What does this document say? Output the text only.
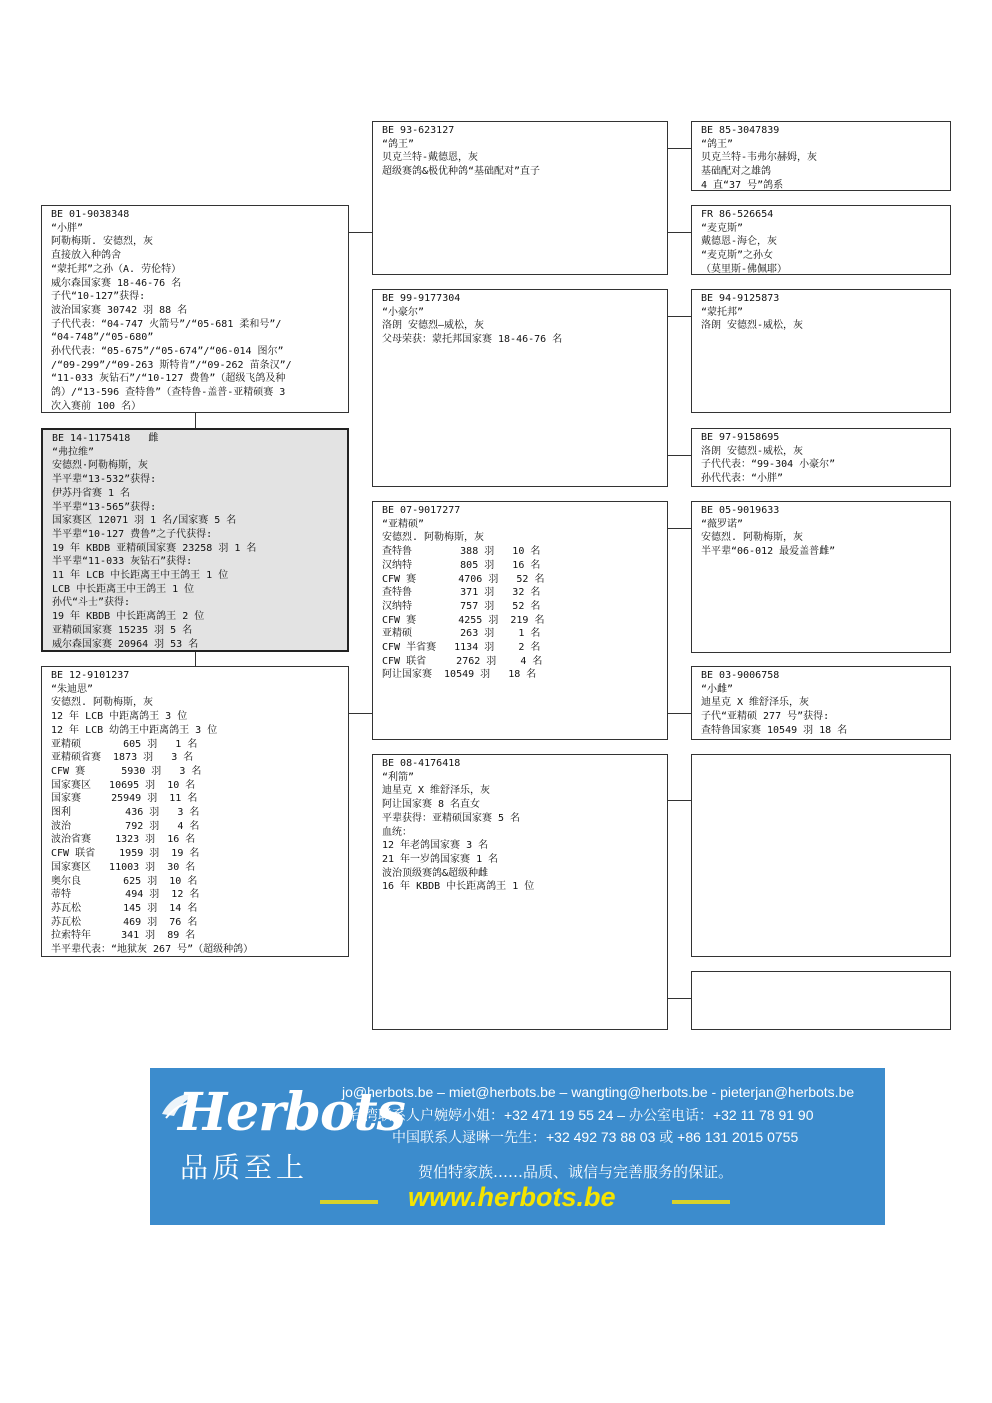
BE 85-3047839
“鸽王”
贝克兰特-韦弗尔赫姆，灰
基础配对之雄鸽
4 直“37 号”鸽系
BE 93-623127
“鸽王”
贝克兰特-戴德恩，灰
超级赛鸽&极优种鸽“基础配对”直子
FR 86-526654
“麦克斯”
戴德恩-海仑，灰
“麦克斯”之孙女
（莫里斯-佛佩耶）
BE 01-9038348
“小胖”
阿勒梅斯. 安德烈，灰
直接放入种鸽舍
“蒙托邦”之孙（A. 劳伦特）
威尔森国家赛 18-46-76 名
子代“10-127”获得:
波治国家赛 30742 羽 88 名
子代代表：“04-747 火箭号”/“05-681 柔和号”/
“04-748”/“05-680”
孙代代表：“05-675”/“05-674”/“06-014 图尔”
/“09-299”/“09-263 斯特肯”/“09-262 苗条汉”/
“11-033 灰钻石”/“10-127 费鲁”（超级飞鸽及种
鸽）/“13-596 查特鲁”（查特鲁-盖普-亚精硕赛 3
次入赛前 100 名）
BE 94-9125873
“蒙托邦”
洛朗 安德烈-威松，灰
BE 99-9177304
“小豪尔”
洛朗 安德烈—威松，灰
父母荣获：蒙托邦国家赛 18-46-76 名
BE 14-1175418   雌
“弗拉维”
安德烈·阿勒梅斯，灰
半平辈“13-532”获得:
伊苏丹省赛 1 名
半平辈“13-565”获得:
国家赛区 12071 羽 1 名/国家赛 5 名
半平辈“10-127 费鲁”之子代获得:
19 年 KBDB 亚精硕国家赛 23258 羽 1 名
半平辈“11-033 灰钻石”获得:
11 年 LCB 中长距离王中王鸽王 1 位
LCB 中长距离王中王鸽王 1 位
孙代“斗士”获得:
19 年 KBDB 中长距离鸽王 2 位
亚精硕国家赛 15235 羽 5 名
威尔森国家赛 20964 羽 53 名
BE 97-9158695
洛朗 安德烈-威松，灰
子代代表：“99-304 小豪尔”
孙代代表：“小胖”
BE 07-9017277
“亚精硕”
安德烈. 阿勒梅斯，灰
查特鲁        388 羽   10 名
汉纳特        805 羽   16 名
CFW 赛       4706 羽   52 名
查特鲁        371 羽   32 名
汉纳特        757 羽   52 名
CFW 赛       4255 羽  219 名
亚精硕        263 羽    1 名
CFW 半省赛   1134 羽    2 名
CFW 联省     2762 羽    4 名
阿让国家赛  10549 羽   18 名
BE 05-9019633
“薇罗诺”
安德烈. 阿勒梅斯，灰
半平辈“06-012 最爱盖普雌”
BE 12-9101237
“朱迪思”
安德烈. 阿勒梅斯，灰
12 年 LCB 中距离鸽王 3 位
12 年 LCB 幼鸽王中距离鸽王 3 位
亚精硕       605 羽   1 名
亚精硕省赛  1873 羽   3 名
CFW 赛      5930 羽   3 名
国家赛区   10695 羽  10 名
国家赛     25949 羽  11 名
图利         436 羽   3 名
波治         792 羽   4 名
波治省赛    1323 羽  16 名
CFW 联省    1959 羽  19 名
国家赛区   11003 羽  30 名
奥尔良       625 羽  10 名
蒂特         494 羽  12 名
苏瓦松       145 羽  14 名
苏瓦松       469 羽  76 名
拉索特年     341 羽  89 名
半平辈代表：“地狱灰 267 号”（超级种鸽）
BE 03-9006758
“小雌”
迪星克 X 维舒泽乐，灰
子代“亚精硕 277 号”获得:
查特鲁国家赛 10549 羽 18 名
BE 08-4176418
“利箭”
迪星克 X 维舒泽乐，灰
阿让国家赛 8 名直女
平辈获得：亚精硕国家赛 5 名
血统：
12 年老鸽国家赛 3 名
21 年一岁鸽国家赛 1 名
波治顶级赛鸽&超级种雌
16 年 KBDB 中长距离鸽王 1 位
Herbots
品质至上
jo@herbots.be – miet@herbots.be – wangting@herbots.be - pieterjan@herbots.be
台湾联系人户婉婷小姐：+32 471 19 55 24 – 办公室电话：+32 11 78 91 90
中国联系人逯晽一先生：+32 492 73 88 03 或 +86 131 2015 0755
贺伯特家族……品质、诚信与完善服务的保证。
www.herbots.be
